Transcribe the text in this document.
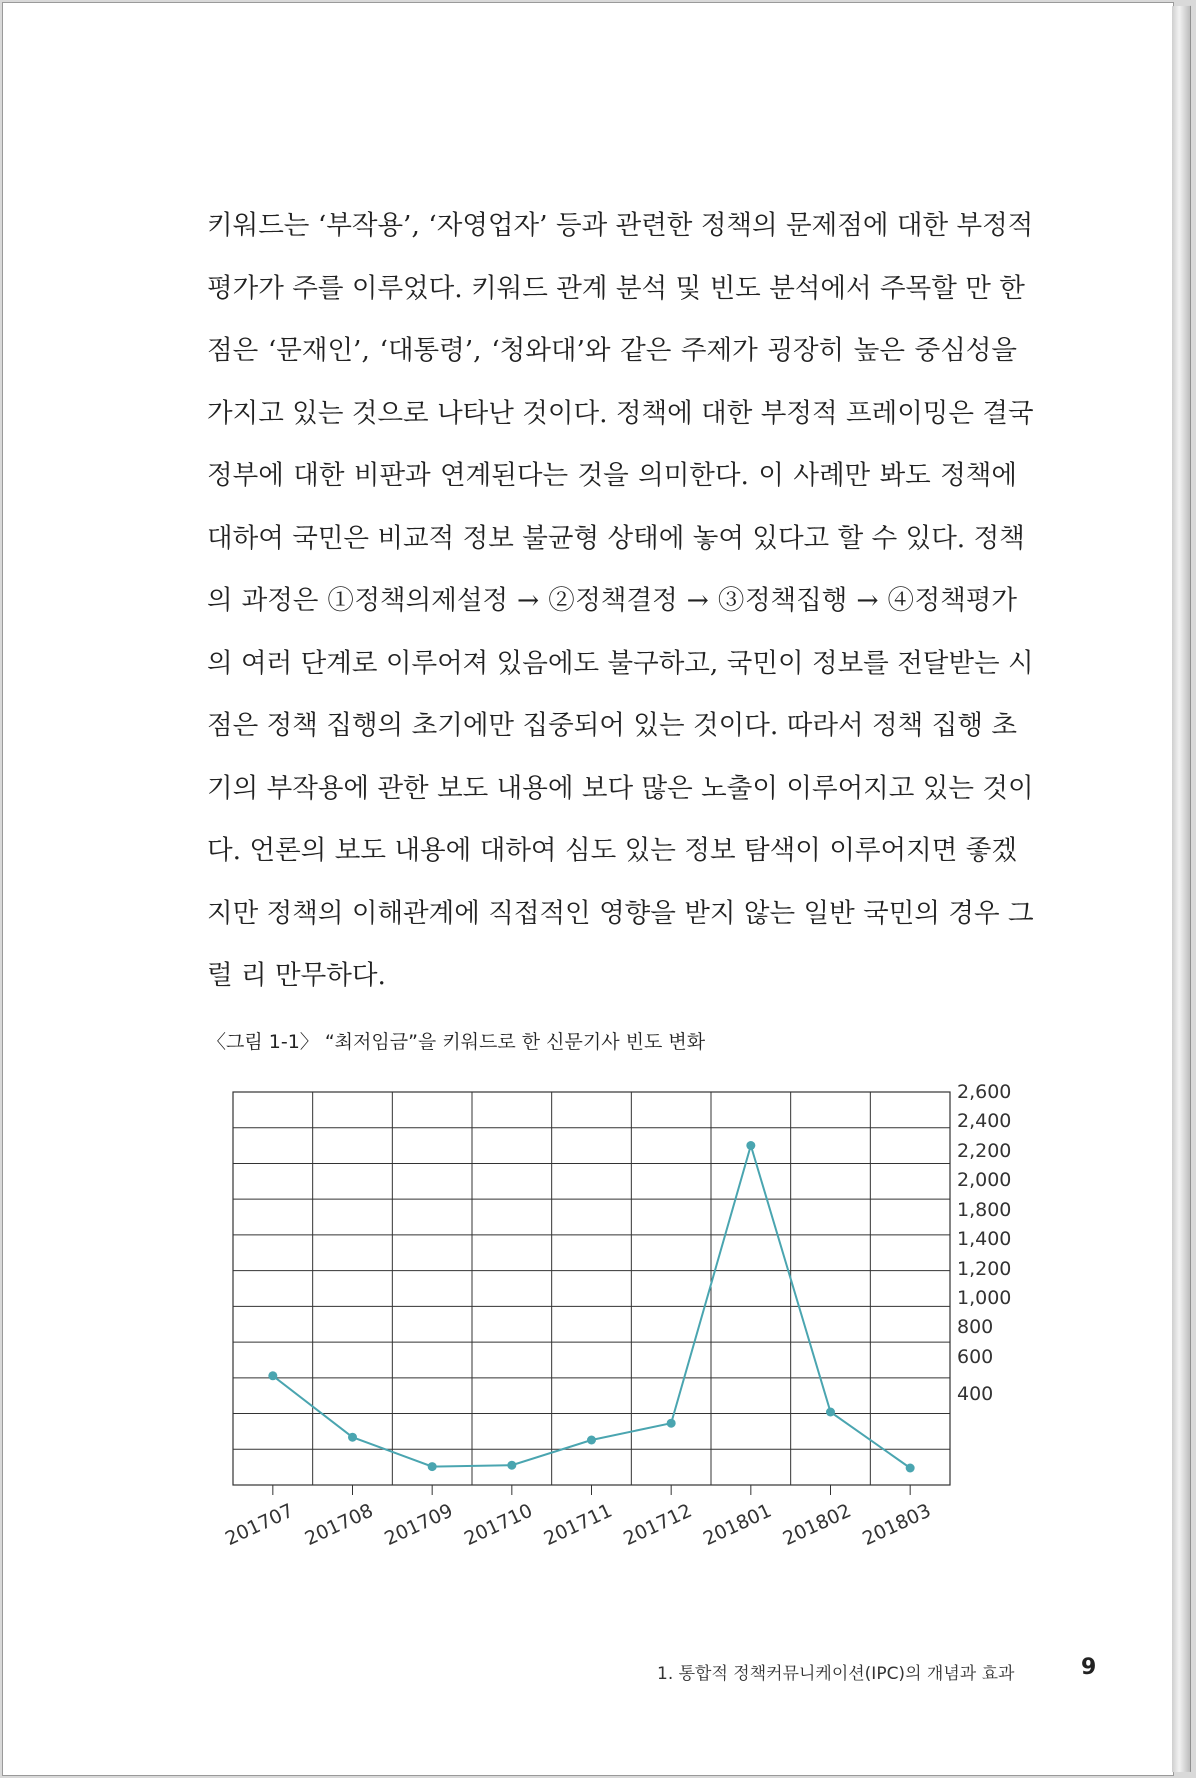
키워드는 ‘부작용’, ‘자영업자’ 등과 관련한 정책의 문제점에 대한 부정적
평가가 주를 이루었다. 키워드 관계 분석 및 빈도 분석에서 주목할 만 한
점은 ‘문재인’, ‘대통령’, ‘청와대’와 같은 주제가 굉장히 높은 중심성을
가지고 있는 것으로 나타난 것이다. 정책에 대한 부정적 프레이밍은 결국
정부에 대한 비판과 연계된다는 것을 의미한다. 이 사례만 봐도 정책에
대하여 국민은 비교적 정보 불균형 상태에 놓여 있다고 할 수 있다. 정책
의 과정은 ①정책의제설정 → ②정책결정 → ③정책집행 → ④정책평가
의 여러 단계로 이루어져 있음에도 불구하고, 국민이 정보를 전달받는 시
점은 정책 집행의 초기에만 집중되어 있는 것이다. 따라서 정책 집행 초
기의 부작용에 관한 보도 내용에 보다 많은 노출이 이루어지고 있는 것이
다. 언론의 보도 내용에 대하여 심도 있는 정보 탐색이 이루어지면 좋겠
지만 정책의 이해관계에 직접적인 영향을 받지 않는 일반 국민의 경우 그
럴 리 만무하다.
〈그림 1-1〉 “최저임금”을 키워드로 한 신문기사 빈도 변화
2,600
2,400
2,200
2,000
1,800
1,400
1,200
1,000
800
600
400
201707 201708 201709 201710 201711 201712 201801 201802 201803
1. 통합적 정책커뮤니케이션(IPC)의 개념과 효과	9
